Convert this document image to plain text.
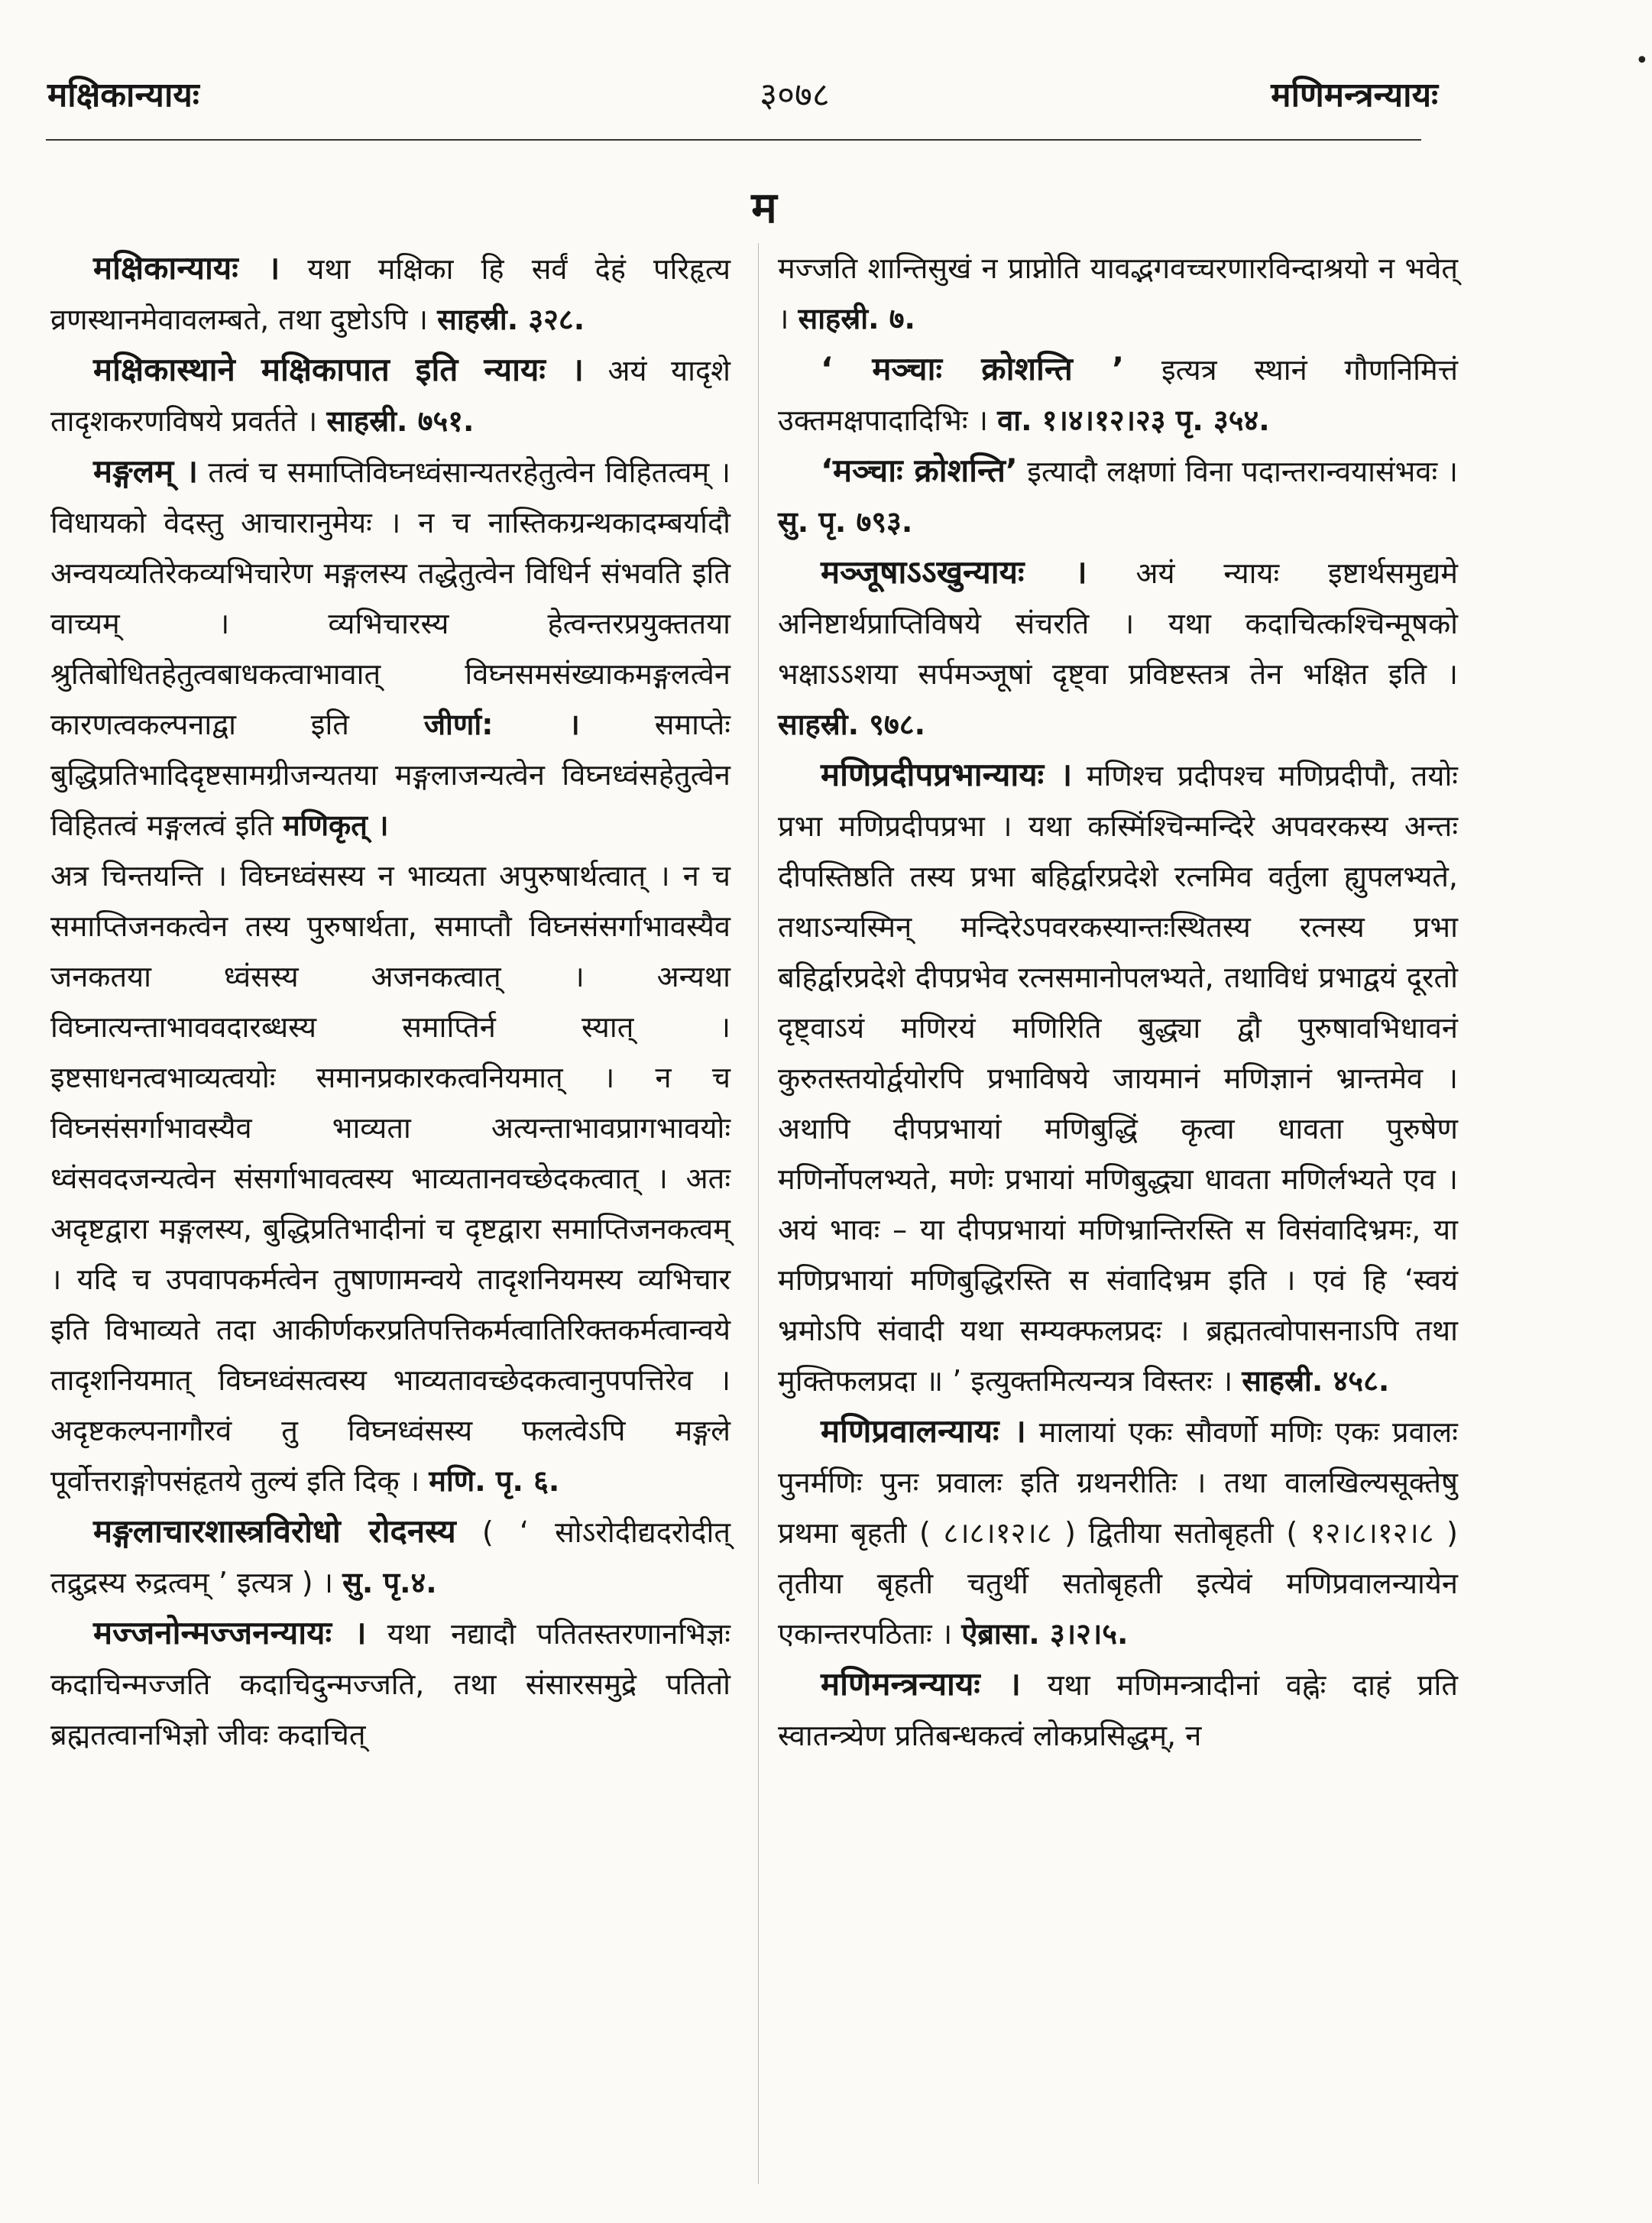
मक्षिकान्यायः	३०७८	मणिमन्त्रन्यायः
म

मक्षिकान्यायः । यथा मक्षिका हि सर्वं देहं परिहृत्य व्रणस्थानमेवावलम्बते, तथा दुष्टोऽपि । साहस्री. ३२८.

मक्षिकास्थाने मक्षिकापात इति न्यायः । अयं यादृशे तादृशकरणविषये प्रवर्तते । साहस्री. ७५१.

मङ्गलम् । तत्वं च समाप्तिविघ्नध्वंसान्यतरहेतुत्वेन विहितत्वम् । विधायको वेदस्तु आचारानुमेयः । न च नास्तिकग्रन्थकादम्बर्यादौ अन्वयव्यतिरेकव्यभिचारेण मङ्गलस्य तद्धेतुत्वेन विधिर्न संभवति इति वाच्यम् । व्यभिचारस्य हेत्वन्तरप्रयुक्ततया श्रुतिबोधितहेतुत्वबाधकत्वाभावात् विघ्नसमसंख्याकमङ्गलत्वेन कारणत्वकल्पनाद्वा इति	जीर्णा: ।	समाप्तेः बुद्धिप्रतिभादिदृष्टसामग्रीजन्यतया मङ्गलाजन्यत्वेन विघ्नध्वंसहेतुत्वेन विहितत्वं मङ्गलत्वं इति मणिकृत् ।

अत्र चिन्तयन्ति । विघ्नध्वंसस्य न भाव्यता अपुरुषार्थत्वात् । न च समाप्तिजनकत्वेन तस्य पुरुषार्थता, समाप्तौ विघ्नसंसर्गाभावस्यैव जनकतया ध्वंसस्य अजनकत्वात् । अन्यथा विघ्नात्यन्ताभाववदारब्धस्य समाप्तिर्न स्यात् । इष्टसाधनत्वभाव्यत्वयोः समानप्रकारकत्वनियमात् । न च विघ्नसंसर्गाभावस्यैव भाव्यता अत्यन्ताभावप्रागभावयोः ध्वंसवदजन्यत्वेन संसर्गाभावत्वस्य भाव्यतानवच्छेदकत्वात् । अतः अदृष्टद्वारा मङ्गलस्य, बुद्धिप्रतिभादीनां च दृष्टद्वारा समाप्तिजनकत्वम् । यदि च उपवापकर्मत्वेन तुषाणामन्वये तादृशनियमस्य व्यभिचार इति विभाव्यते तदा आकीर्णकरप्रतिपत्तिकर्मत्वातिरिक्तकर्मत्वान्वये तादृशनियमात् विघ्नध्वंसत्वस्य भाव्यतावच्छेदकत्वानुपपत्तिरेव । अदृष्टकल्पनागौरवं तु विघ्नध्वंसस्य फलत्वेऽपि मङ्गले पूर्वोत्तराङ्गोपसंहृतये तुल्यं इति दिक् । मणि. पृ. ६.

मङ्गलाचारशास्त्रविरोधो रोदनस्य ( ‘ सोऽरोदीद्यदरोदीत् तद्रुद्रस्य रुद्रत्वम् ’ इत्यत्र ) । सु. पृ.४.

मज्जनोन्मज्जनन्यायः । यथा नद्यादौ पतितस्तरणानभिज्ञः कदाचिन्मज्जति कदाचिदुन्मज्जति, तथा संसारसमुद्रे पतितो ब्रह्मतत्वानभिज्ञो जीवः कदाचित्

मज्जति शान्तिसुखं न प्राप्नोति यावद्भगवच्चरणारविन्दाश्रयो न भवेत् । साहस्री. ७.

‘ मञ्चाः क्रोशन्ति ’ इत्यत्र स्थानं गौणनिमित्तं उक्तमक्षपादादिभिः । वा. १।४।१२।२३ पृ. ३५४.

‘मञ्चाः क्रोशन्ति’ इत्यादौ लक्षणां विना पदान्तरान्वयासंभवः । सु. पृ. ७९३.

मञ्जूषाऽऽखुन्यायः । अयं न्यायः इष्टार्थसमुद्यमे अनिष्टार्थप्राप्तिविषये संचरति । यथा कदाचित्कश्चिन्मूषको भक्षाऽऽशया सर्पमञ्जूषां दृष्ट्वा प्रविष्टस्तत्र तेन भक्षित इति । साहस्री. ९७८.

मणिप्रदीपप्रभान्यायः । मणिश्च प्रदीपश्च मणिप्रदीपौ, तयोः प्रभा मणिप्रदीपप्रभा । यथा कस्मिंश्चिन्मन्दिरे अपवरकस्य अन्तः दीपस्तिष्ठति तस्य प्रभा बहिर्द्वारप्रदेशे रत्नमिव वर्तुला ह्युपलभ्यते, तथाऽन्यस्मिन् मन्दिरेऽपवरकस्यान्तःस्थितस्य रत्नस्य प्रभा बहिर्द्वारप्रदेशे दीपप्रभेव रत्नसमानोपलभ्यते, तथाविधं प्रभाद्वयं दूरतो दृष्ट्वाऽयं मणिरयं मणिरिति बुद्ध्या द्वौ पुरुषावभिधावनं कुरुतस्तयोर्द्वयोरपि प्रभाविषये जायमानं मणिज्ञानं भ्रान्तमेव । अथापि दीपप्रभायां मणिबुद्धिं कृत्वा धावता पुरुषेण मणिर्नोपलभ्यते, मणेः प्रभायां मणिबुद्ध्या धावता मणिर्लभ्यते एव । अयं भावः – या दीपप्रभायां मणिभ्रान्तिरस्ति स विसंवादिभ्रमः, या मणिप्रभायां मणिबुद्धिरस्ति स संवादिभ्रम इति । एवं हि ‘स्वयं भ्रमोऽपि संवादी यथा सम्यक्फलप्रदः । ब्रह्मतत्वोपासनाऽपि तथा मुक्तिफलप्रदा ॥ ’ इत्युक्तमित्यन्यत्र विस्तरः । साहस्री. ४५८.

मणिप्रवालन्यायः । मालायां एकः सौवर्णो मणिः एकः प्रवालः पुनर्मणिः पुनः प्रवालः इति ग्रथनरीतिः । तथा वालखिल्यसूक्तेषु प्रथमा बृहती ( ८।८।१२।८ ) द्वितीया सतोबृहती ( १२।८।१२।८ ) तृतीया बृहती चतुर्थी सतोबृहती इत्येवं मणिप्रवालन्यायेन एकान्तरपठिताः । ऐब्रासा. ३।२।५.

मणिमन्त्रन्यायः । यथा मणिमन्त्रादीनां वह्नेः दाहं प्रति स्वातन्त्र्येण प्रतिबन्धकत्वं लोकप्रसिद्धम्, न

•
